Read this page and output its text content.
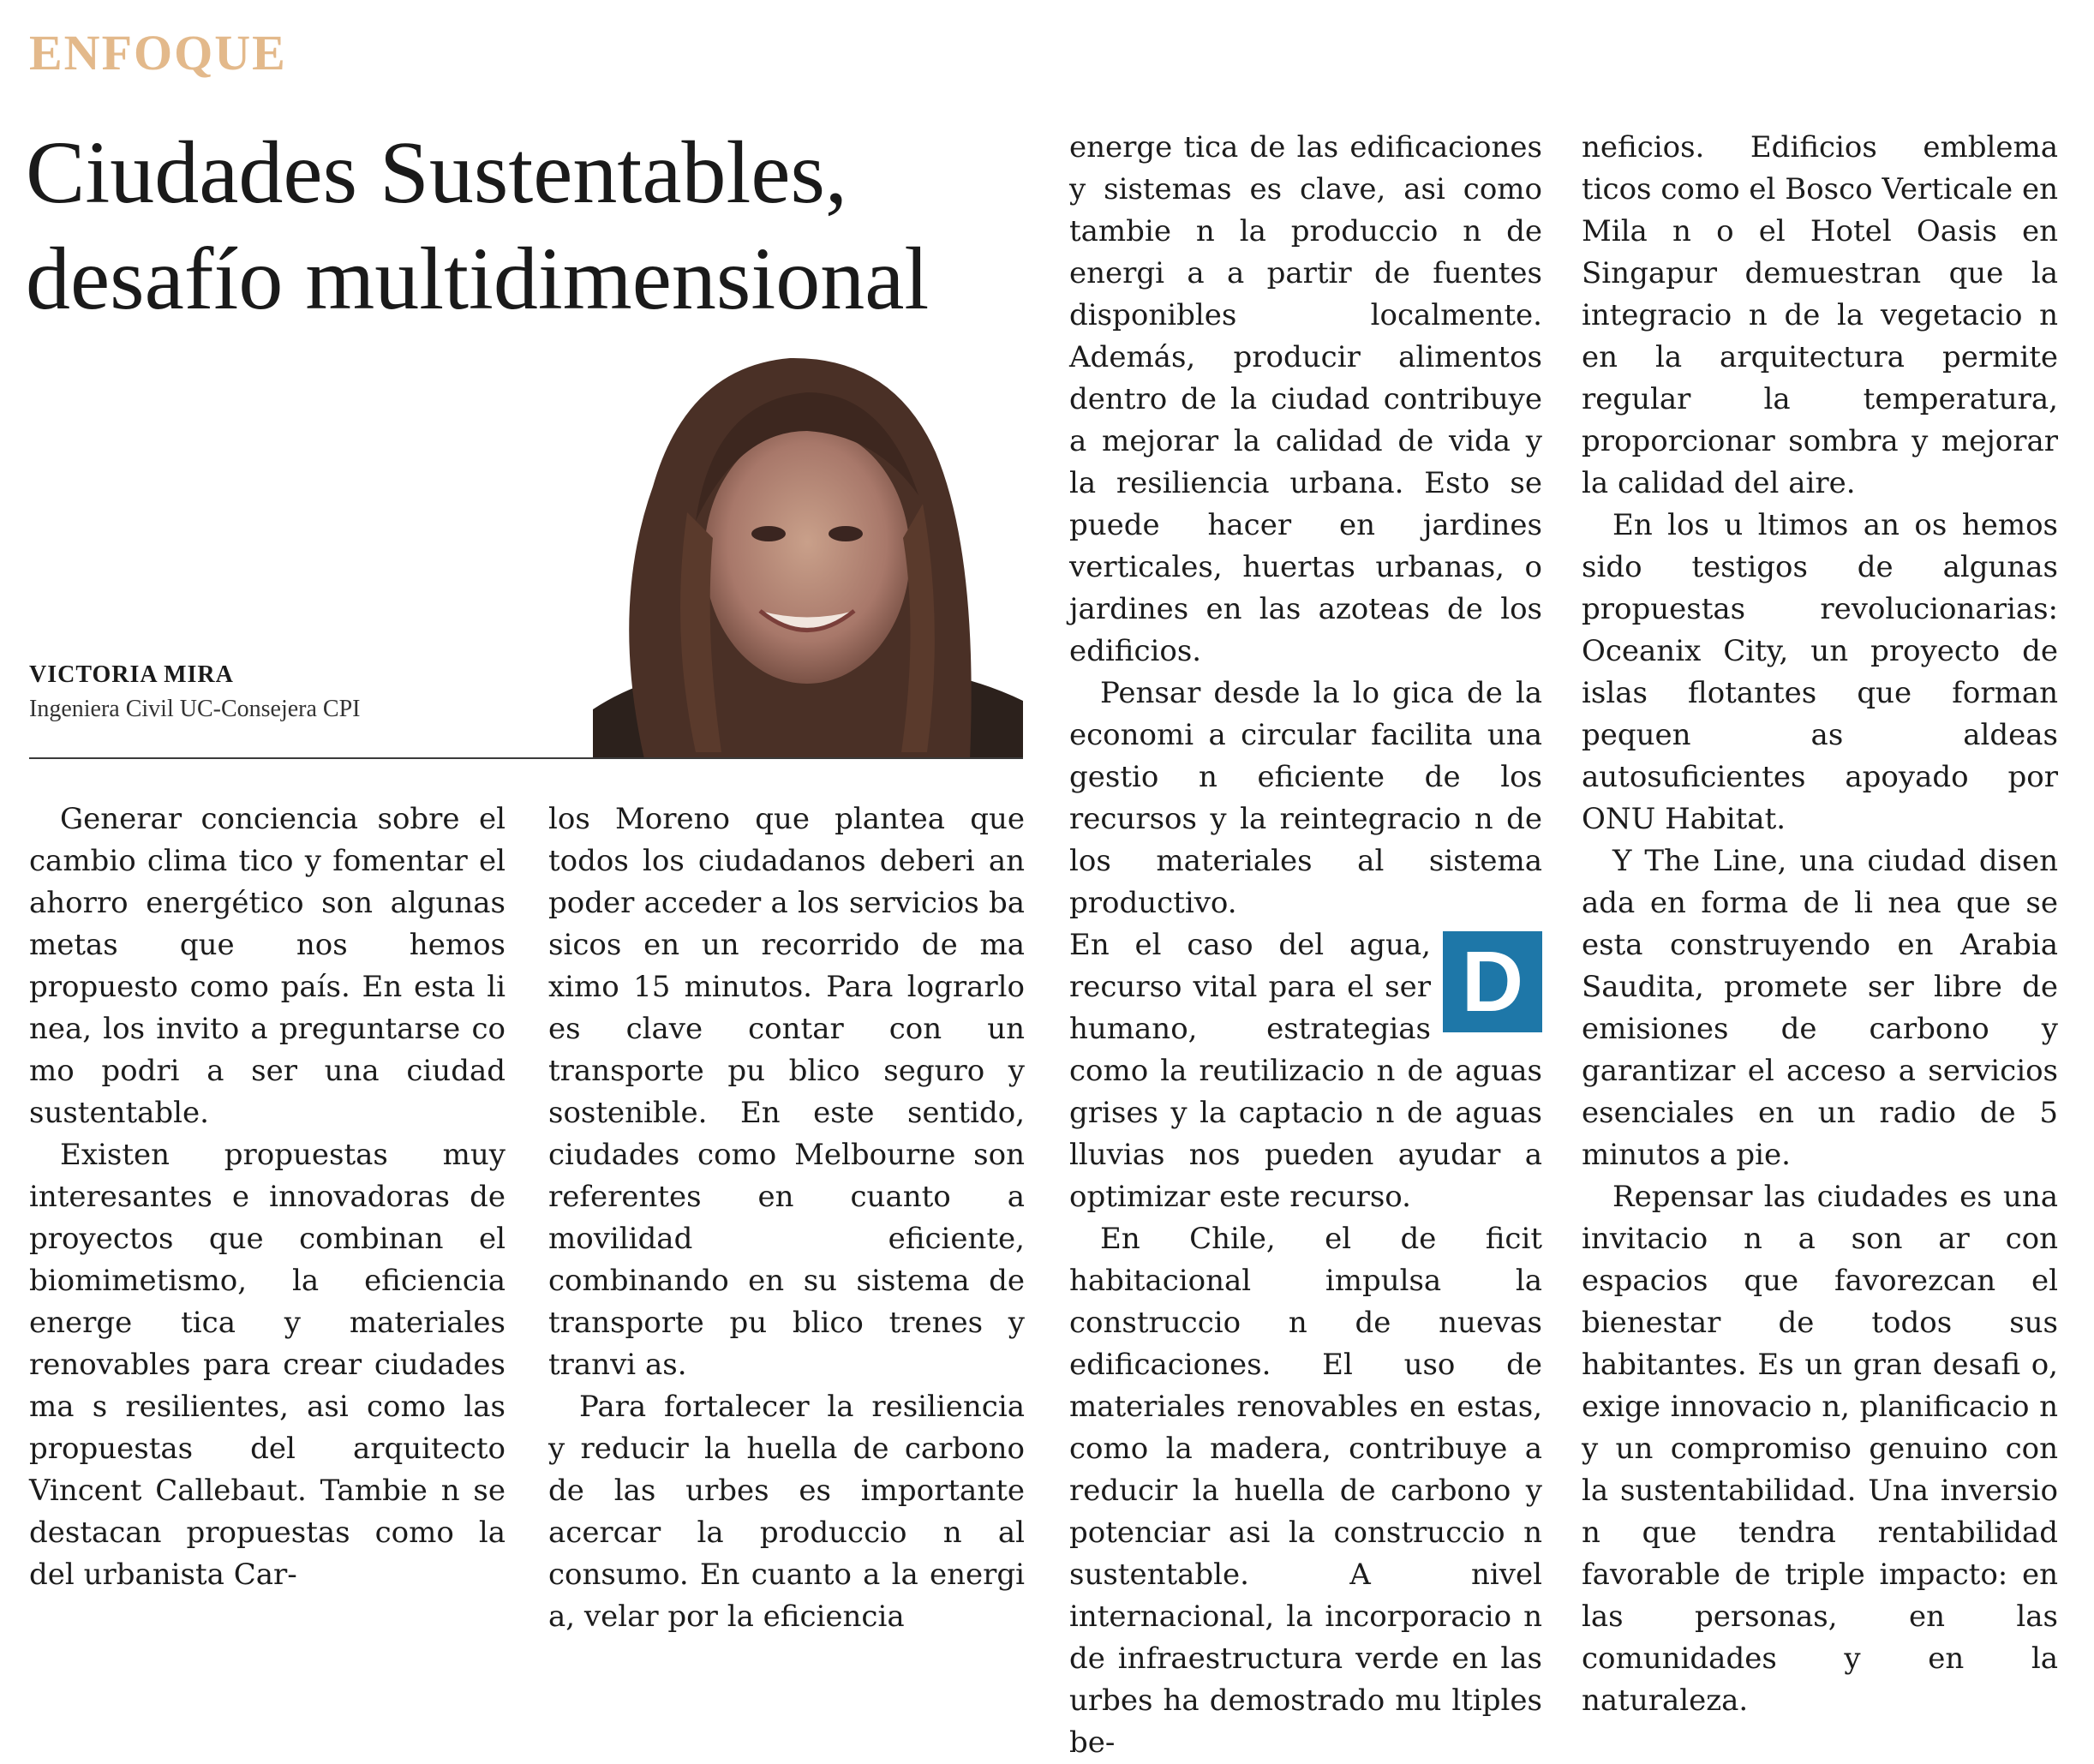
ENFOQUE
Ciudades Sustentables, desafío multidimensional
VICTORIA MIRA
Ingeniera Civil UC-Consejera CPI

Generar conciencia sobre el cambio clima tico y fomentar el ahorro energético son algunas metas que nos hemos propuesto como país. En esta li nea, los invito a preguntarse co mo podri a ser una ciudad sustentable.

Existen propuestas muy interesantes e innovadoras de proyectos que combinan el biomimetismo, la eficiencia energe tica y materiales renovables para crear ciudades ma s resilientes, asi como las propuestas del arquitecto Vincent Callebaut. Tambie n se destacan propuestas como la del urbanista Car-

los Moreno que plantea que todos los ciudadanos deberi an poder acceder a los servicios ba sicos en un recorrido de ma ximo 15 minutos. Para lograrlo es clave contar con un transporte pu blico seguro y sostenible. En este sentido, ciudades como Melbourne son referentes en cuanto a movilidad eficiente, combinando en su sistema de transporte pu blico trenes y tranvi as.

Para fortalecer la resiliencia y reducir la huella de carbono de las urbes es importante acercar la produccio n al consumo. En cuanto a la energi a, velar por la eficiencia

energe tica de las edificaciones y sistemas es clave, asi como tambie n la produccio n de energi a a partir de fuentes disponibles localmente. Además, producir alimentos dentro de la ciudad contribuye a mejorar la calidad de vida y la resiliencia urbana. Esto se puede hacer en jardines verticales, huertas urbanas, o jardines en las azoteas de los edificios.

Pensar desde la lo gica de la economi a circular facilita una gestio n eficiente de los recursos y la reintegracio n de los materiales al sistema productivo.

D
En el caso del agua, recurso vital para el ser humano, estrategias como la reutilizacio n de aguas grises y la captacio n de aguas lluvias nos pueden ayudar a optimizar este recurso.

En Chile, el de ficit habitacional impulsa la construccio n de nuevas edificaciones. El uso de materiales renovables en estas, como la madera, contribuye a reducir la huella de carbono y potenciar asi la construccio n sustentable. A nivel internacional, la incorporacio n de infraestructura verde en las urbes ha demostrado mu ltiples be-

neficios. Edificios emblema ticos como el Bosco Verticale en Mila n o el Hotel Oasis en Singapur demuestran que la integracio n de la vegetacio n en la arquitectura permite regular la temperatura, proporcionar sombra y mejorar la calidad del aire.

En los u ltimos an os hemos sido testigos de algunas propuestas revolucionarias: Oceanix City, un proyecto de islas flotantes que forman pequen as aldeas autosuficientes apoyado por ONU Habitat.

Y The Line, una ciudad disen ada en forma de li nea que se esta construyendo en Arabia Saudita, promete ser libre de emisiones de carbono y garantizar el acceso a servicios esenciales en un radio de 5 minutos a pie.

Repensar las ciudades es una invitacio n a son ar con espacios que favorezcan el bienestar de todos sus habitantes. Es un gran desafi o, exige innovacio n, planificacio n y un compromiso genuino con la sustentabilidad. Una inversio n que tendra rentabilidad favorable de triple impacto: en las personas, en las comunidades y en la naturaleza.
